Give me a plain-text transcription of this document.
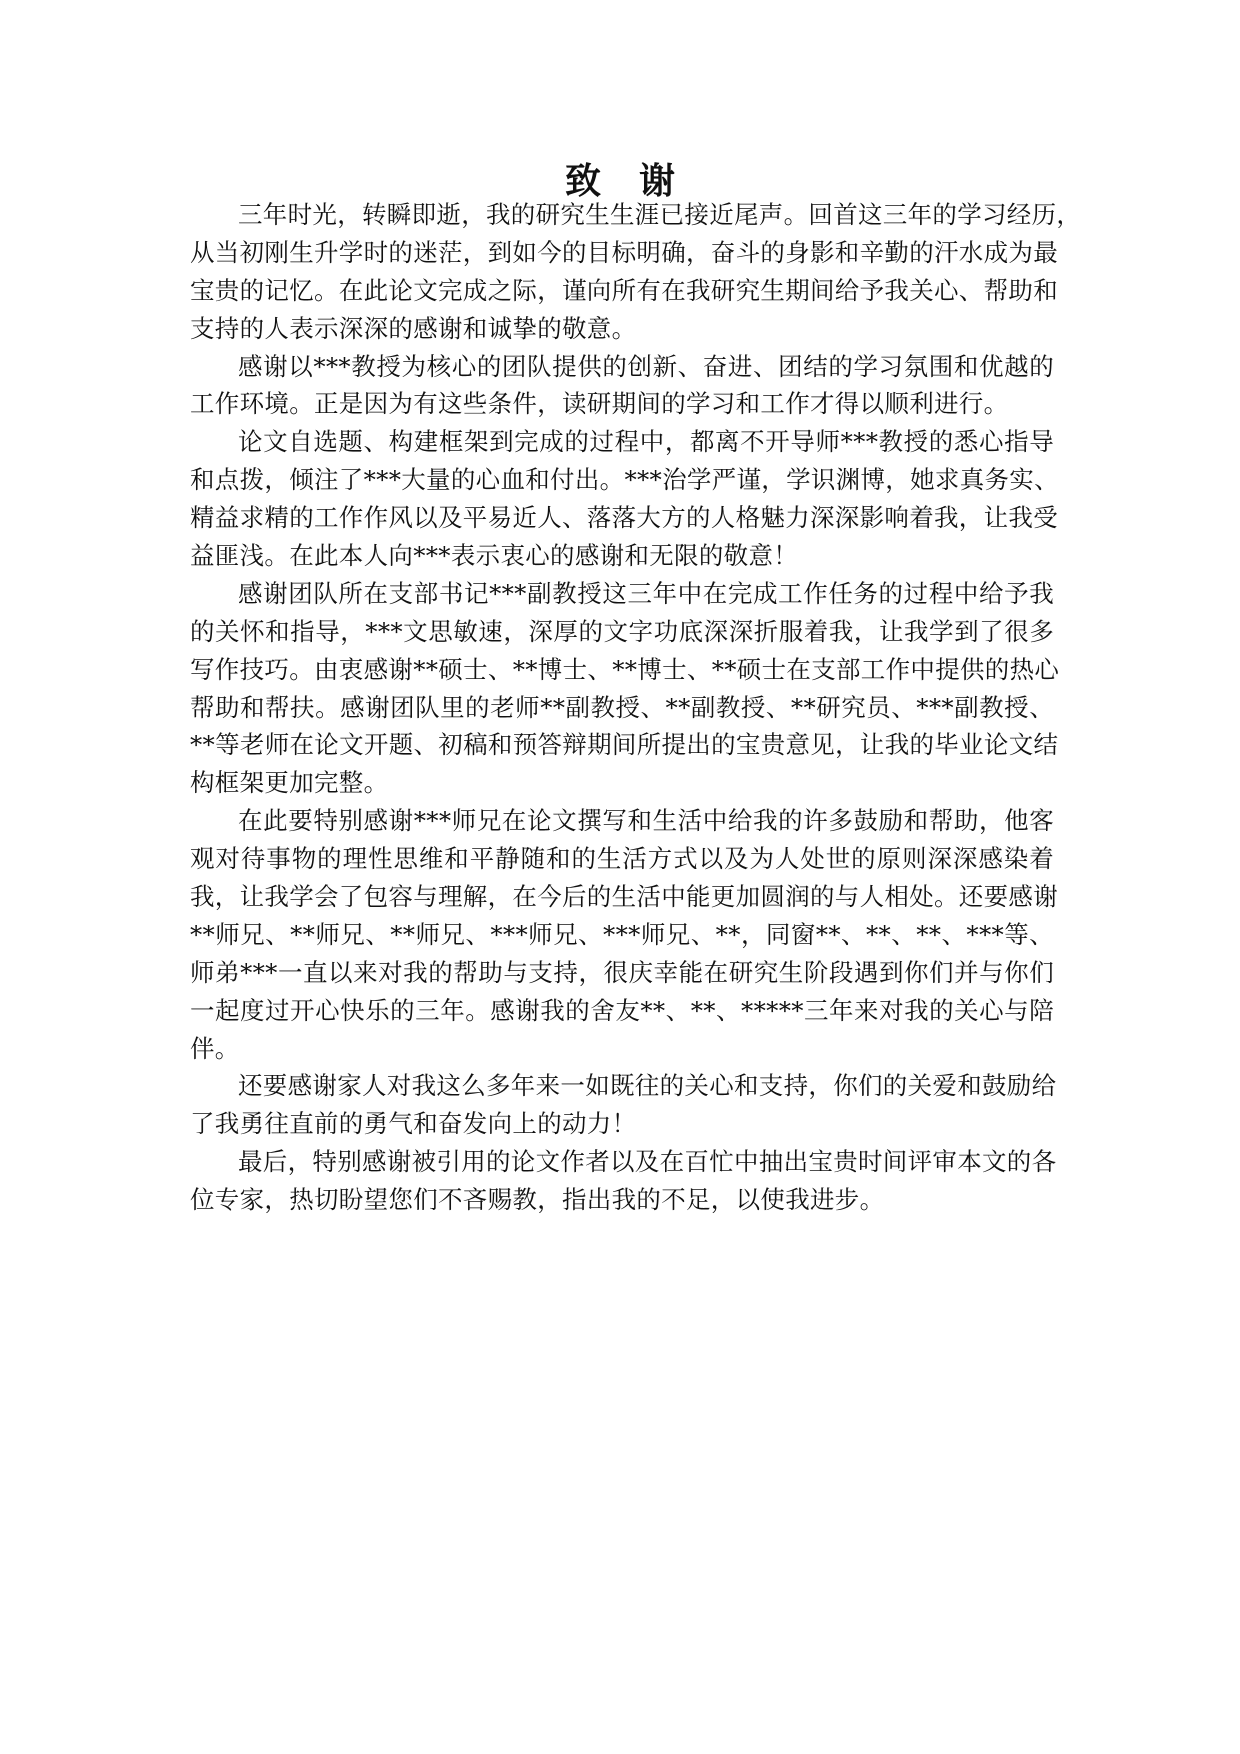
致 谢
三年时光，转瞬即逝，我的研究生生涯已接近尾声。回首这三年的学习经历，
从当初刚生升学时的迷茫，到如今的目标明确，奋斗的身影和辛勤的汗水成为最
宝贵的记忆。在此论文完成之际，谨向所有在我研究生期间给予我关心、帮助和
支持的人表示深深的感谢和诚挚的敬意。
感谢以***教授为核心的团队提供的创新、奋进、团结的学习氛围和优越的
工作环境。正是因为有这些条件，读研期间的学习和工作才得以顺利进行。
论文自选题、构建框架到完成的过程中，都离不开导师***教授的悉心指导
和点拨，倾注了***大量的心血和付出。***治学严谨，学识渊博，她求真务实、
精益求精的工作作风以及平易近人、落落大方的人格魅力深深影响着我，让我受
益匪浅。在此本人向***表示衷心的感谢和无限的敬意！
感谢团队所在支部书记***副教授这三年中在完成工作任务的过程中给予我
的关怀和指导，***文思敏速，深厚的文字功底深深折服着我，让我学到了很多
写作技巧。由衷感谢**硕士、**博士、**博士、**硕士在支部工作中提供的热心
帮助和帮扶。感谢团队里的老师**副教授、**副教授、**研究员、***副教授、
**等老师在论文开题、初稿和预答辩期间所提出的宝贵意见，让我的毕业论文结
构框架更加完整。
在此要特别感谢***师兄在论文撰写和生活中给我的许多鼓励和帮助，他客
观对待事物的理性思维和平静随和的生活方式以及为人处世的原则深深感染着
我，让我学会了包容与理解，在今后的生活中能更加圆润的与人相处。还要感谢
**师兄、**师兄、**师兄、***师兄、***师兄、**，同窗**、**、**、***等、
师弟***一直以来对我的帮助与支持，很庆幸能在研究生阶段遇到你们并与你们
一起度过开心快乐的三年。感谢我的舍友**、**、*****三年来对我的关心与陪
伴。
还要感谢家人对我这么多年来一如既往的关心和支持，你们的关爱和鼓励给
了我勇往直前的勇气和奋发向上的动力！
最后，特别感谢被引用的论文作者以及在百忙中抽出宝贵时间评审本文的各
位专家，热切盼望您们不吝赐教，指出我的不足，以使我进步。
